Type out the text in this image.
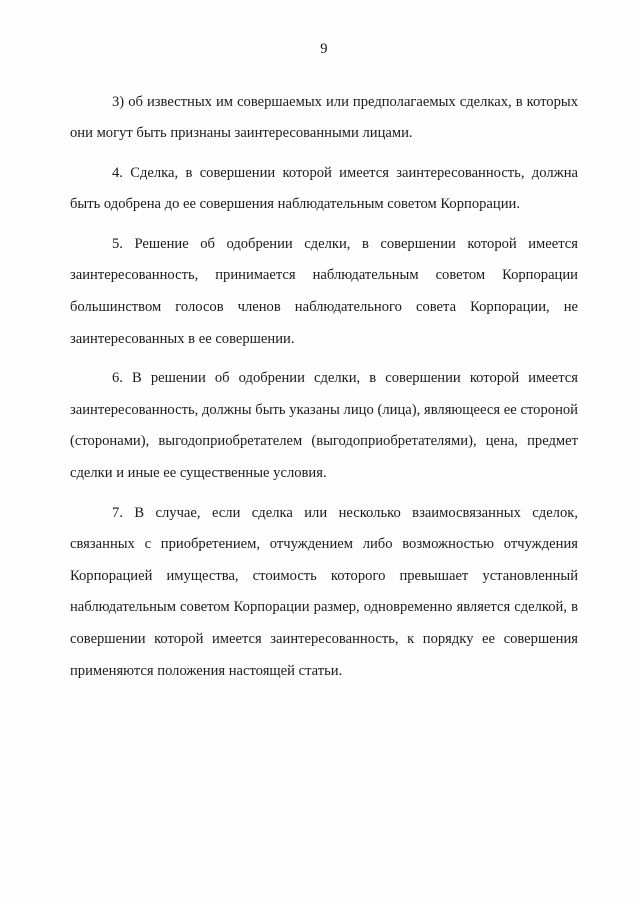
9

3) об известных им совершаемых или предполагаемых сделках, в которых они могут быть признаны заинтересованными лицами.

4. Сделка, в совершении которой имеется заинтересованность, должна быть одобрена до ее совершения наблюдательным советом Корпорации.

5. Решение об одобрении сделки, в совершении которой имеется заинтересованность, принимается наблюдательным советом Корпорации большинством голосов членов наблюдательного совета Корпорации, не заинтересованных в ее совершении.

6. В решении об одобрении сделки, в совершении которой имеется заинтересованность, должны быть указаны лицо (лица), являющееся ее стороной (сторонами), выгодоприобретателем (выгодоприобретателями), цена, предмет сделки и иные ее существенные условия.

7. В случае, если сделка или несколько взаимосвязанных сделок, связанных с приобретением, отчуждением либо возможностью отчуждения Корпорацией имущества, стоимость которого превышает установленный наблюдательным советом Корпорации размер, одновременно является сделкой, в совершении которой имеется заинтересованность, к порядку ее совершения применяются положения настоящей статьи.
